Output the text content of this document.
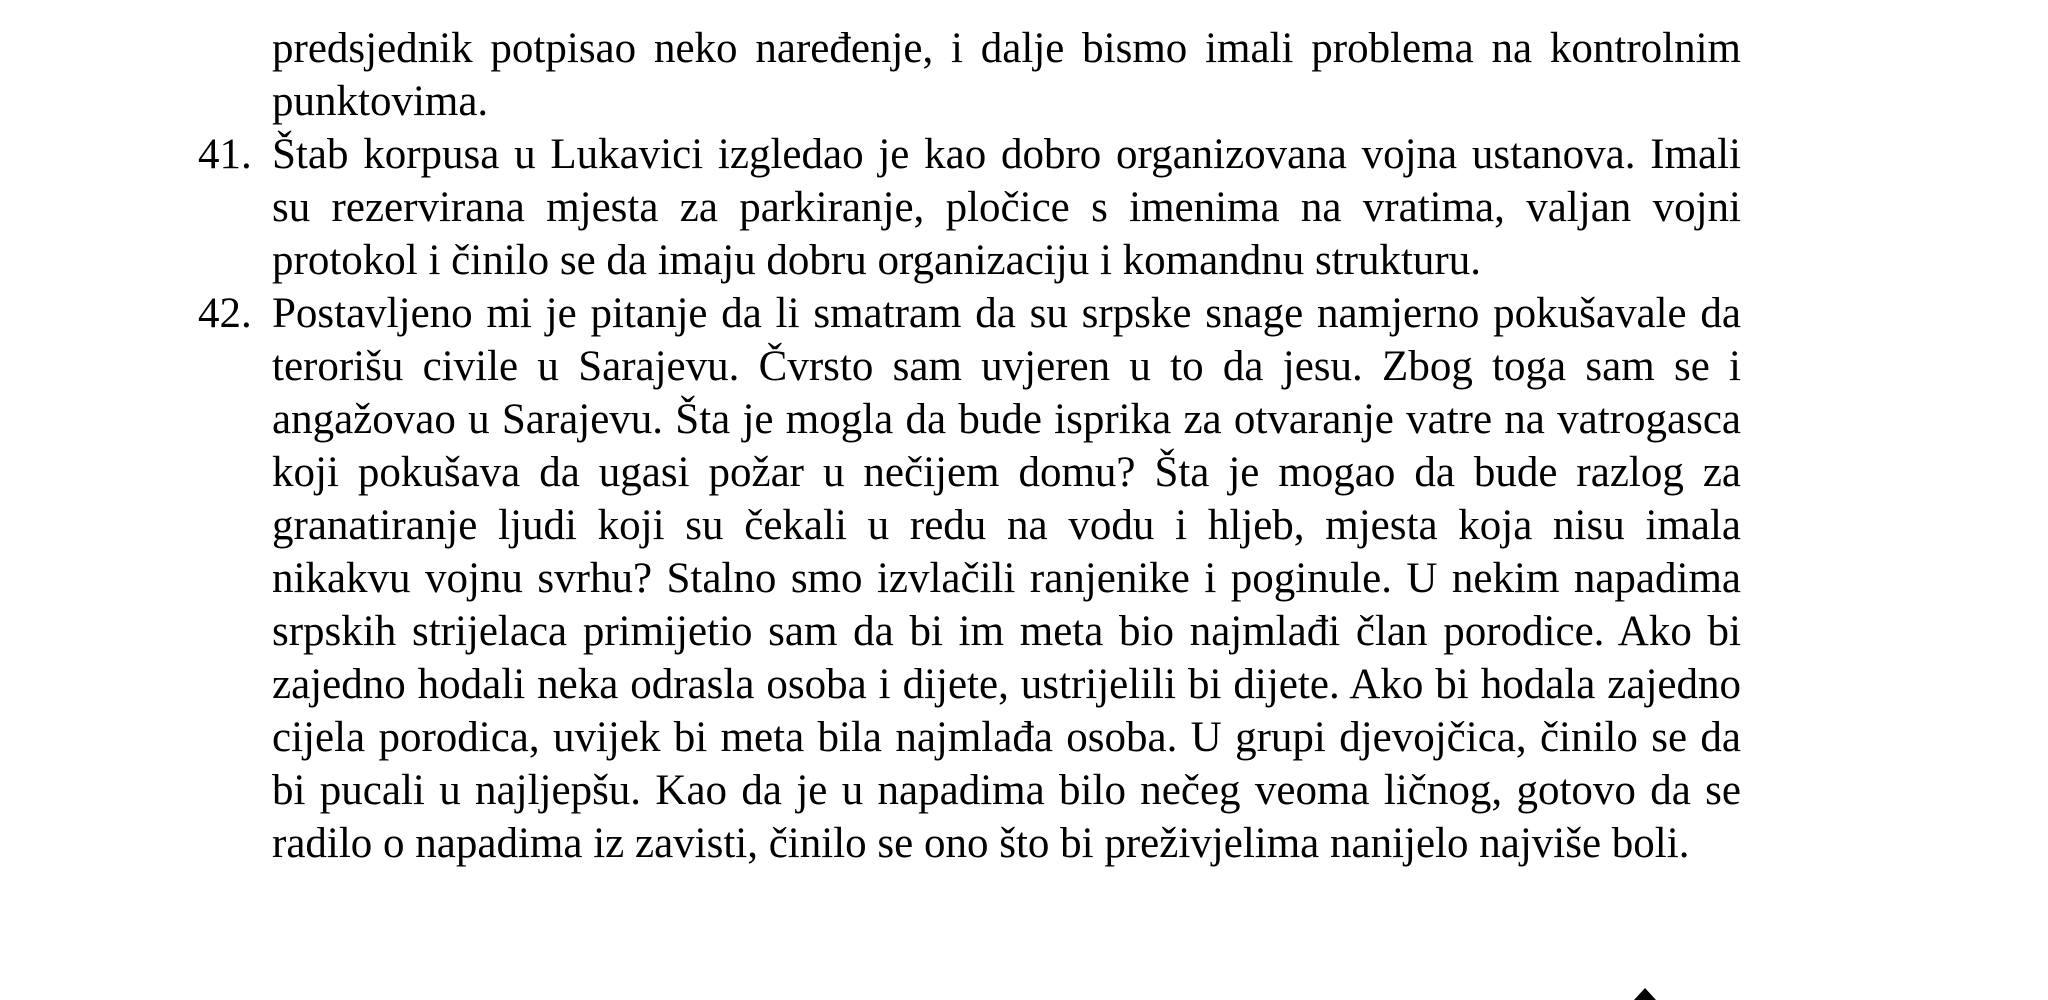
predsjednik potpisao neko naređenje, i dalje bismo imali problema na kontrolnim punktovima.
41. Štab korpusa u Lukavici izgledao je kao dobro organizovana vojna ustanova. Imali su rezervirana mjesta za parkiranje, pločice s imenima na vratima, valjan vojni protokol i činilo se da imaju dobru organizaciju i komandnu strukturu.
42. Postavljeno mi je pitanje da li smatram da su srpske snage namjerno pokušavale da terorišu civile u Sarajevu. Čvrsto sam uvjeren u to da jesu. Zbog toga sam se i angažovao u Sarajevu. Šta je mogla da bude isprika za otvaranje vatre na vatrogasca koji pokušava da ugasi požar u nečijem domu? Šta je mogao da bude razlog za granatiranje ljudi koji su čekali u redu na vodu i hljeb, mjesta koja nisu imala nikakvu vojnu svrhu? Stalno smo izvlačili ranjenike i poginule. U nekim napadima srpskih strijelaca primijetio sam da bi im meta bio najmlađi član porodice. Ako bi zajedno hodali neka odrasla osoba i dijete, ustrijelili bi dijete. Ako bi hodala zajedno cijela porodica, uvijek bi meta bila najmlađa osoba. U grupi djevojčica, činilo se da bi pucali u najljepšu. Kao da je u napadima bilo nečeg veoma ličnog, gotovo da se radilo o napadima iz zavisti, činilo se ono što bi preživjelima nanijelo najviše boli.
